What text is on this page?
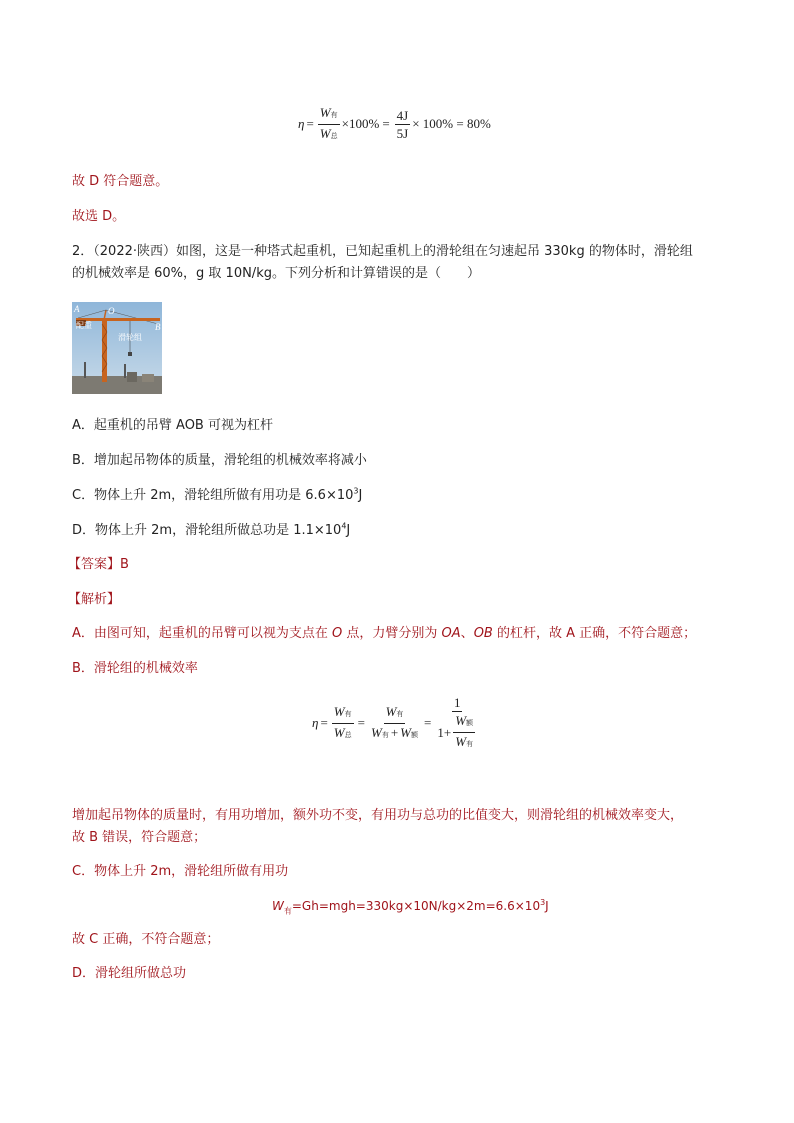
$\eta = \frac{\text{W有}}{\text{W总}} \times 100\% = \frac{4J}{5J} \times 100\% = 80\%$
故 D 符合题意。
故选 D。
2．（2022·陕西）如图，这是一种塔式起重机，已知起重机上的滑轮组在匀速起吊 330kg 的物体时，滑轮组
的机械效率是 60%，g 取 10N/kg。下列分析和计算错误的是（　　）
A	O
B
配重
滑轮组
A．起重机的吊臂 AOB 可视为杠杆
B．增加起吊物体的质量，滑轮组的机械效率将减小
C．物体上升 2m，滑轮组所做有用功是 $6.6\times 10^3J$
D．物体上升 2m，滑轮组所做总功是 $1.1\times 10^4J$
【答案】B
【解析】
A．由图可知，起重机的吊臂可以视为支点在 O 点，力臂分别为 OA、OB 的杠杆，故 A 正确，不符合题意；
B．滑轮组的机械效率
$\eta = \frac{\text{W有}}{\text{W总}} = \frac{\text{W有}}{\text{W有 + W额}} = \frac{1}{1+ \frac{\text{W额}}{\text{W有}}}$
增加起吊物体的质量时，有用功增加，额外功不变，有用功与总功的比值变大，则滑轮组的机械效率变大，
故 B 错误，符合题意；
C．物体上升 2m，滑轮组所做有用功
$W_有=Gh=mgh=330kg\times 10N/kg\times 2m=6.6\times 10^3J$
故 C 正确，不符合题意；
D．滑轮组所做总功
